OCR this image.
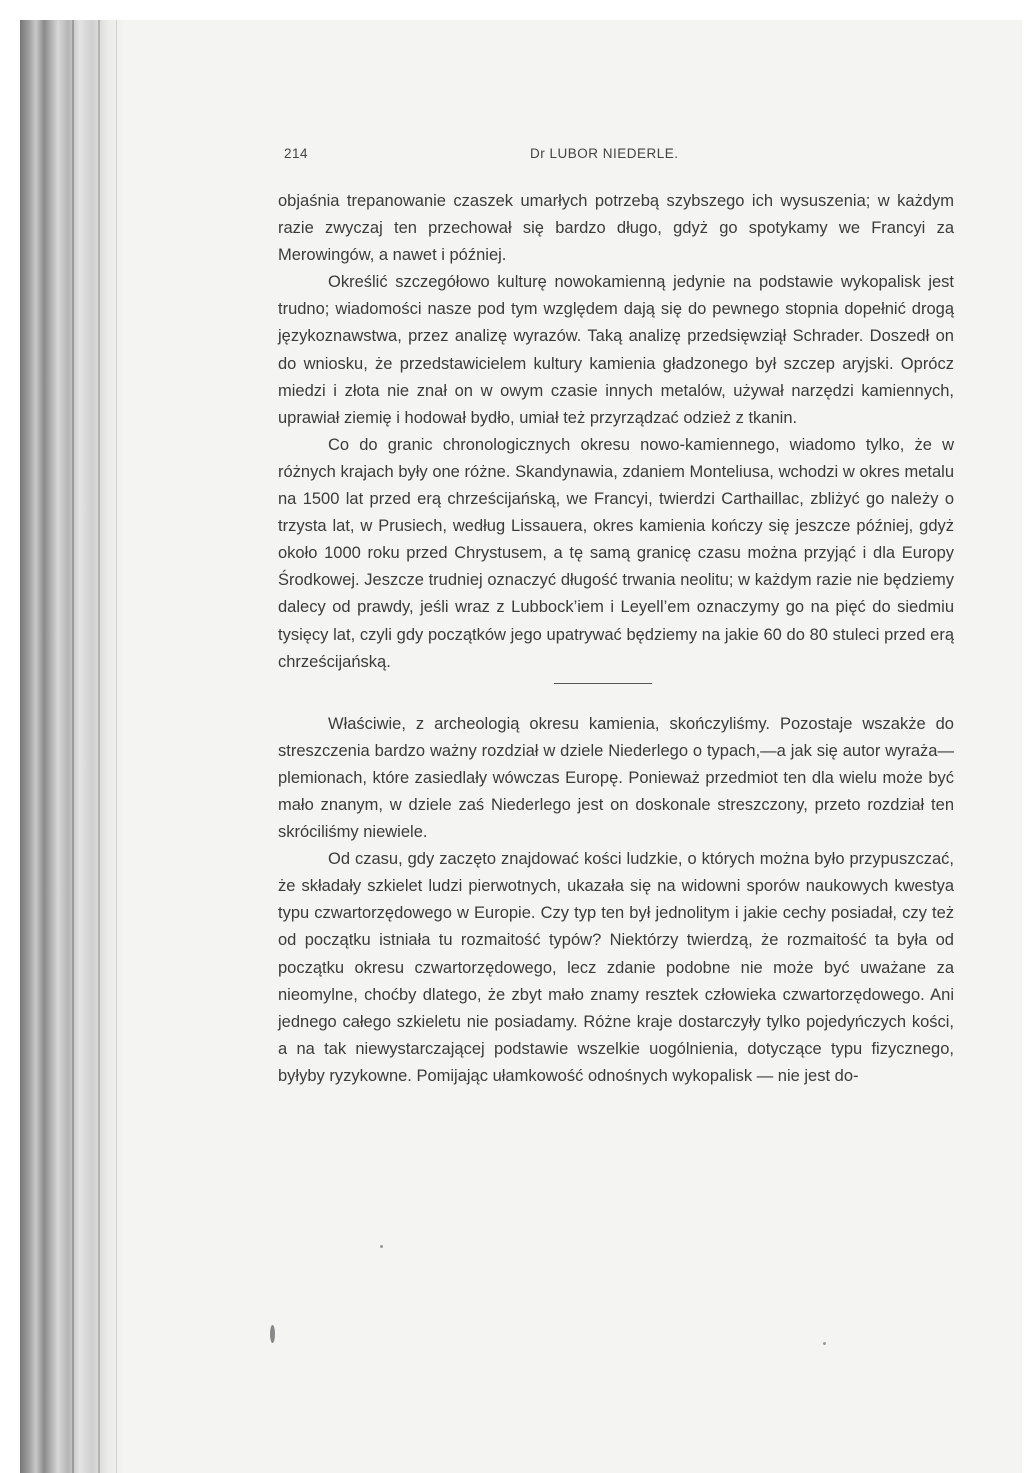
214	Dr LUBOR NIEDERLE.

objaśnia trepanowanie czaszek umarłych potrzebą szybszego ich wysuszenia; w każdym razie zwyczaj ten przechował się bardzo długo, gdyż go spotykamy we Francyi za Merowingów, a nawet i później.

Określić szczegółowo kulturę nowokamienną jedynie na podstawie wykopalisk jest trudno; wiadomości nasze pod tym względem dają się do pewnego stopnia dopełnić drogą językoznawstwa, przez analizę wyrazów. Taką analizę przedsięwziął Schrader. Doszedł on do wniosku, że przedstawicielem kultury kamienia gładzonego był szczep aryjski. Oprócz miedzi i złota nie znał on w owym czasie innych metalów, używał narzędzi kamiennych, uprawiał ziemię i hodował bydło, umiał też przyrządzać odzież z tkanin.

Co do granic chronologicznych okresu nowo-kamiennego, wiadomo tylko, że w różnych krajach były one różne. Skandynawia, zdaniem Monteliusa, wchodzi w okres metalu na 1500 lat przed erą chrześcijańską, we Francyi, twierdzi Carthaillac, zbliżyć go należy o trzysta lat, w Prusiech, według Lissauera, okres kamienia kończy się jeszcze później, gdyż około 1000 roku przed Chrystusem, a tę samą granicę czasu można przyjąć i dla Europy Środkowej. Jeszcze trudniej oznaczyć długość trwania neolitu; w każdym razie nie będziemy dalecy od prawdy, jeśli wraz z Lubbock’iem i Leyell’em oznaczymy go na pięć do siedmiu tysięcy lat, czyli gdy początków jego upatrywać będziemy na jakie 60 do 80 stuleci przed erą chrześcijańską.

Właściwie, z archeologią okresu kamienia, skończyliśmy. Pozostaje wszakże do streszczenia bardzo ważny rozdział w dziele Niederlego o typach,—a jak się autor wyraża—plemionach, które zasiedlały wówczas Europę. Ponieważ przedmiot ten dla wielu może być mało znanym, w dziele zaś Niederlego jest on doskonale streszczony, przeto rozdział ten skróciliśmy niewiele.

Od czasu, gdy zaczęto znajdować kości ludzkie, o których można było przypuszczać, że składały szkielet ludzi pierwotnych, ukazała się na widowni sporów naukowych kwestya typu czwartorzędowego w Europie. Czy typ ten był jednolitym i jakie cechy posiadał, czy też od początku istniała tu rozmaitość typów? Niektórzy twierdzą, że rozmaitość ta była od początku okresu czwartorzędowego, lecz zdanie podobne nie może być uważane za nieomylne, choćby dlatego, że zbyt mało znamy resztek człowieka czwartorzędowego. Ani jednego całego szkieletu nie posiadamy. Różne kraje dostarczyły tylko pojedyńczych kości, a na tak niewystarczającej podstawie wszelkie uogólnienia, dotyczące typu fizycznego, byłyby ryzykowne. Pomijając ułamkowość odnośnych wykopalisk — nie jest do-
